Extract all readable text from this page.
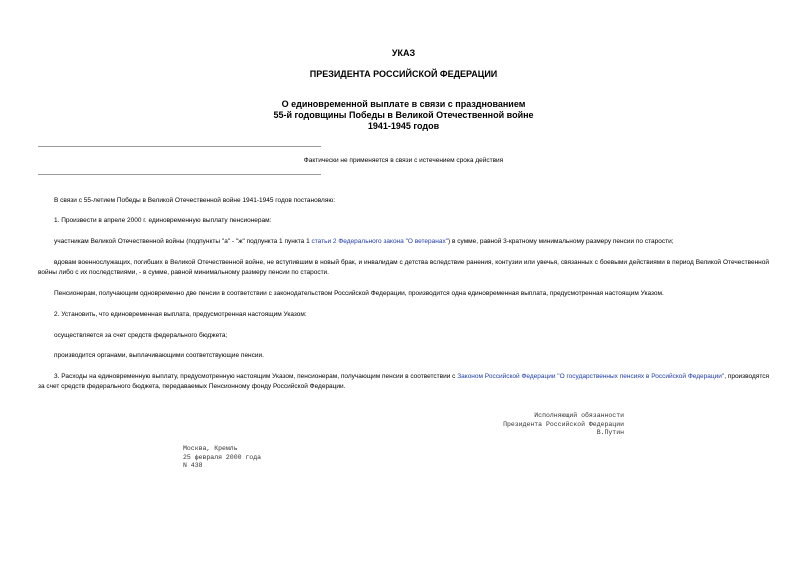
УКАЗ
ПРЕЗИДЕНТА РОССИЙСКОЙ ФЕДЕРАЦИИ
О единовременной выплате в связи с празднованием
55-й годовщины Победы в Великой Отечественной войне
1941-1945 годов
Фактически не применяется в связи с истечением срока действия
В связи с 55-летием Победы в Великой Отечественной войне 1941-1945 годов постановляю:
1. Произвести в апреле 2000 г. единовременную выплату пенсионерам:
участникам Великой Отечественной войны (подпункты "а" - "ж" подпункта 1 пункта 1 статьи 2 Федерального закона "О ветеранах") в сумме, равной 3-кратному минимальному размеру пенсии по старости;
вдовам военнослужащих, погибших в Великой Отечественной войне, не вступившим в новый брак, и инвалидам с детства вследствие ранения, контузии или увечья, связанных с боевыми действиями в период Великой Отечественной войны либо с их последствиями, - в сумме, равной минимальному размеру пенсии по старости.
Пенсионерам, получающим одновременно две пенсии в соответствии с законодательством Российской Федерации, производится одна единовременная выплата, предусмотренная настоящим Указом.
2. Установить, что единовременная выплата, предусмотренная настоящим Указом:
осуществляется за счет средств федерального бюджета;
производится органами, выплачивающими соответствующие пенсии.
3. Расходы на единовременную выплату, предусмотренную настоящим Указом, пенсионерам, получающим пенсии в соответствии с Законом Российской Федерации "О государственных пенсиях в Российской Федерации", производятся за счет средств федерального бюджета, передаваемых Пенсионному фонду Российской Федерации.
Исполняющий обязанности
Президента Российской Федерации
В.Путин
Москва, Кремль
25 февраля 2000 года
N 438
